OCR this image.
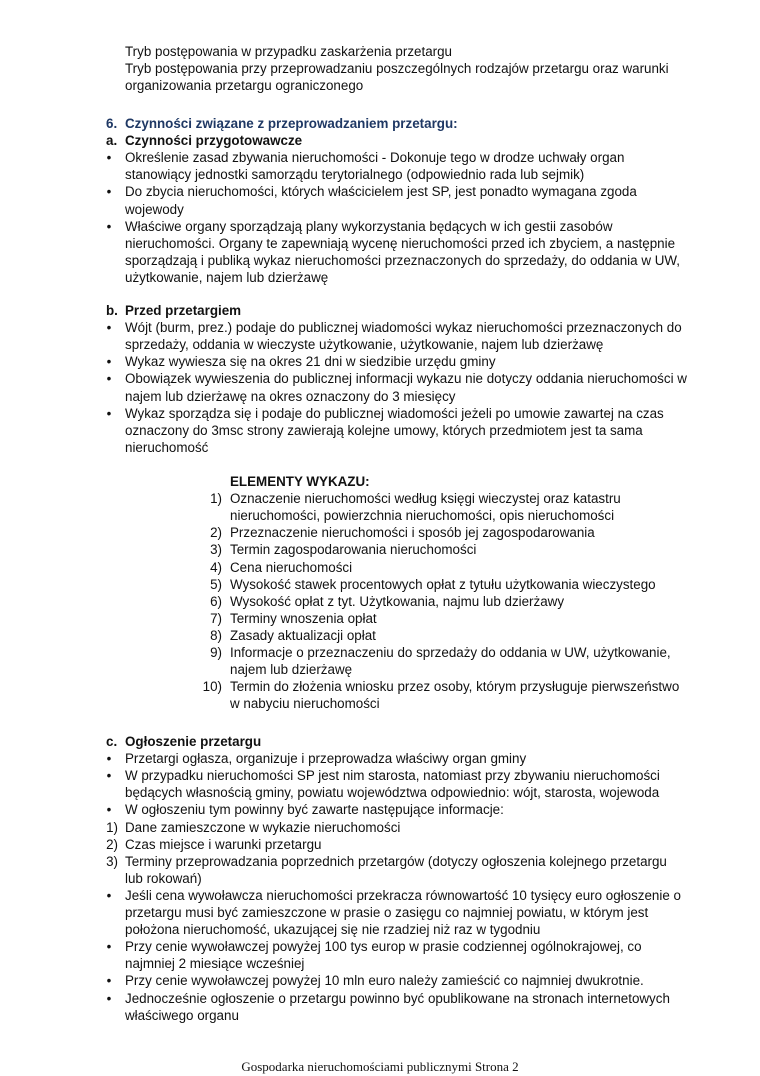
Tryb postępowania w przypadku zaskarżenia przetargu
Tryb postępowania przy przeprowadzaniu poszczególnych rodzajów przetargu oraz warunki
organizowania przetargu ograniczonego
6. Czynności związane z przeprowadzaniem przetargu:
a. Czynności przygotowawcze
• Określenie zasad zbywania nieruchomości - Dokonuje tego w drodze uchwały organ
stanowiący jednostki samorządu terytorialnego (odpowiednio rada lub sejmik)
• Do zbycia nieruchomości, których właścicielem jest SP, jest ponadto wymagana zgoda
wojewody
• Właściwe organy sporządzają plany wykorzystania będących w ich gestii zasobów
nieruchomości. Organy te zapewniają wycenę nieruchomości przed ich zbyciem, a następnie
sporządzają i publiką wykaz nieruchomości przeznaczonych do sprzedaży, do oddania w UW,
użytkowanie, najem lub dzierżawę
b. Przed przetargiem
• Wójt (burm, prez.) podaje do publicznej wiadomości wykaz nieruchomości przeznaczonych do
sprzedaży, oddania w wieczyste użytkowanie, użytkowanie, najem lub dzierżawę
• Wykaz wywiesza się na okres 21 dni w siedzibie urzędu gminy
• Obowiązek wywieszenia do publicznej informacji wykazu nie dotyczy oddania nieruchomości w
najem lub dzierżawę na okres oznaczony do 3 miesięcy
• Wykaz sporządza się i podaje do publicznej wiadomości jeżeli po umowie zawartej na czas
oznaczony do 3msc strony zawierają kolejne umowy, których przedmiotem jest ta sama
nieruchomość
ELEMENTY WYKAZU:
1) Oznaczenie nieruchomości według księgi wieczystej oraz katastru
nieruchomości, powierzchnia nieruchomości, opis nieruchomości
2) Przeznaczenie nieruchomości i sposób jej zagospodarowania
3) Termin zagospodarowania nieruchomości
4) Cena nieruchomości
5) Wysokość stawek procentowych opłat z tytułu użytkowania wieczystego
6) Wysokość opłat z tyt. Użytkowania, najmu lub dzierżawy
7) Terminy wnoszenia opłat
8) Zasady aktualizacji opłat
9) Informacje o przeznaczeniu do sprzedaży do oddania w UW, użytkowanie,
najem lub dzierżawę
10) Termin do złożenia wniosku przez osoby, którym przysługuje pierwszeństwo
w nabyciu nieruchomości
c. Ogłoszenie przetargu
• Przetargi ogłasza, organizuje i przeprowadza właściwy organ gminy
• W przypadku nieruchomości SP jest nim starosta, natomiast przy zbywaniu nieruchomości
będących własnością gminy, powiatu województwa odpowiednio: wójt, starosta, wojewoda
• W ogłoszeniu tym powinny być zawarte następujące informacje:
1) Dane zamieszczone w wykazie nieruchomości
2) Czas miejsce i warunki przetargu
3) Terminy przeprowadzania poprzednich przetargów (dotyczy ogłoszenia kolejnego przetargu
lub rokowań)
• Jeśli cena wywoławcza nieruchomości przekracza równowartość 10 tysięcy euro ogłoszenie o
przetargu musi być zamieszczone w prasie o zasięgu co najmniej powiatu, w którym jest
położona nieruchomość, ukazującej się nie rzadziej niż raz w tygodniu
• Przy cenie wywoławczej powyżej 100 tys europ w prasie codziennej ogólnokrajowej, co
najmniej 2 miesiące wcześniej
• Przy cenie wywoławczej powyżej 10 mln euro należy zamieścić co najmniej dwukrotnie.
• Jednocześnie ogłoszenie o przetargu powinno być opublikowane na stronach internetowych
właściwego organu
Gospodarka nieruchomościami publicznymi Strona 2
